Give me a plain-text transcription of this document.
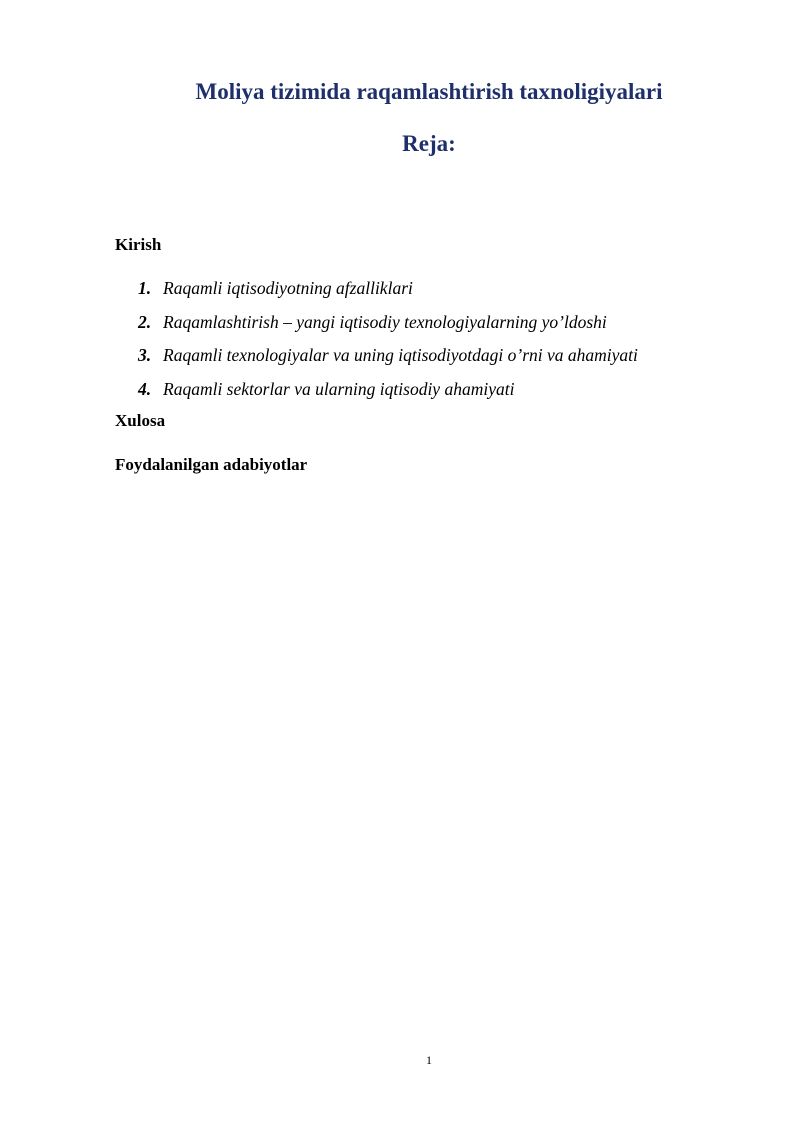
Moliya tizimida raqamlashtirish taxnoligiyalari
Reja:

Kirish

1. Raqamli iqtisodiyotning afzalliklari
2. Raqamlashtirish – yangi iqtisodiy texnologiyalarning yo’ldoshi
3. Raqamli texnologiyalar va uning iqtisodiyotdagi o’rni va ahamiyati
4. Raqamli sektorlar va ularning iqtisodiy ahamiyati

Xulosa

Foydalanilgan adabiyotlar

1
